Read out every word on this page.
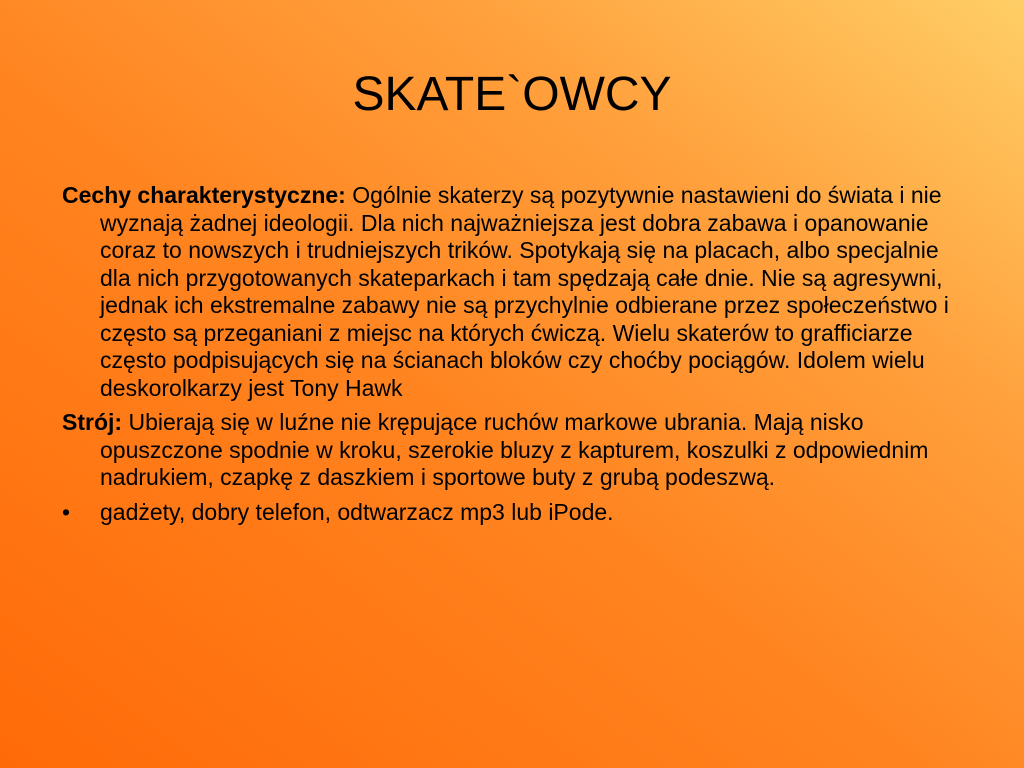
SKATE`OWCY

Cechy charakterystyczne: Ogólnie skaterzy są pozytywnie nastawieni do świata i nie wyznają żadnej ideologii. Dla nich najważniejsza jest dobra zabawa i opanowanie coraz to nowszych i trudniejszych trików. Spotykają się na placach, albo specjalnie dla nich przygotowanych skateparkach i tam spędzają całe dnie. Nie są agresywni, jednak ich ekstremalne zabawy nie są przychylnie odbierane przez społeczeństwo i często są przeganiani z miejsc na których ćwiczą. Wielu skaterów to grafficiarze często podpisujących się na ścianach bloków czy choćby pociągów. Idolem wielu deskorolkarzy jest Tony Hawk

Strój: Ubierają się w luźne nie krępujące ruchów markowe ubrania. Mają nisko opuszczone spodnie w kroku, szerokie bluzy z kapturem, koszulki z odpowiednim nadrukiem, czapkę z daszkiem i sportowe buty z grubą podeszwą.

•	gadżety, dobry telefon, odtwarzacz mp3 lub iPode.
